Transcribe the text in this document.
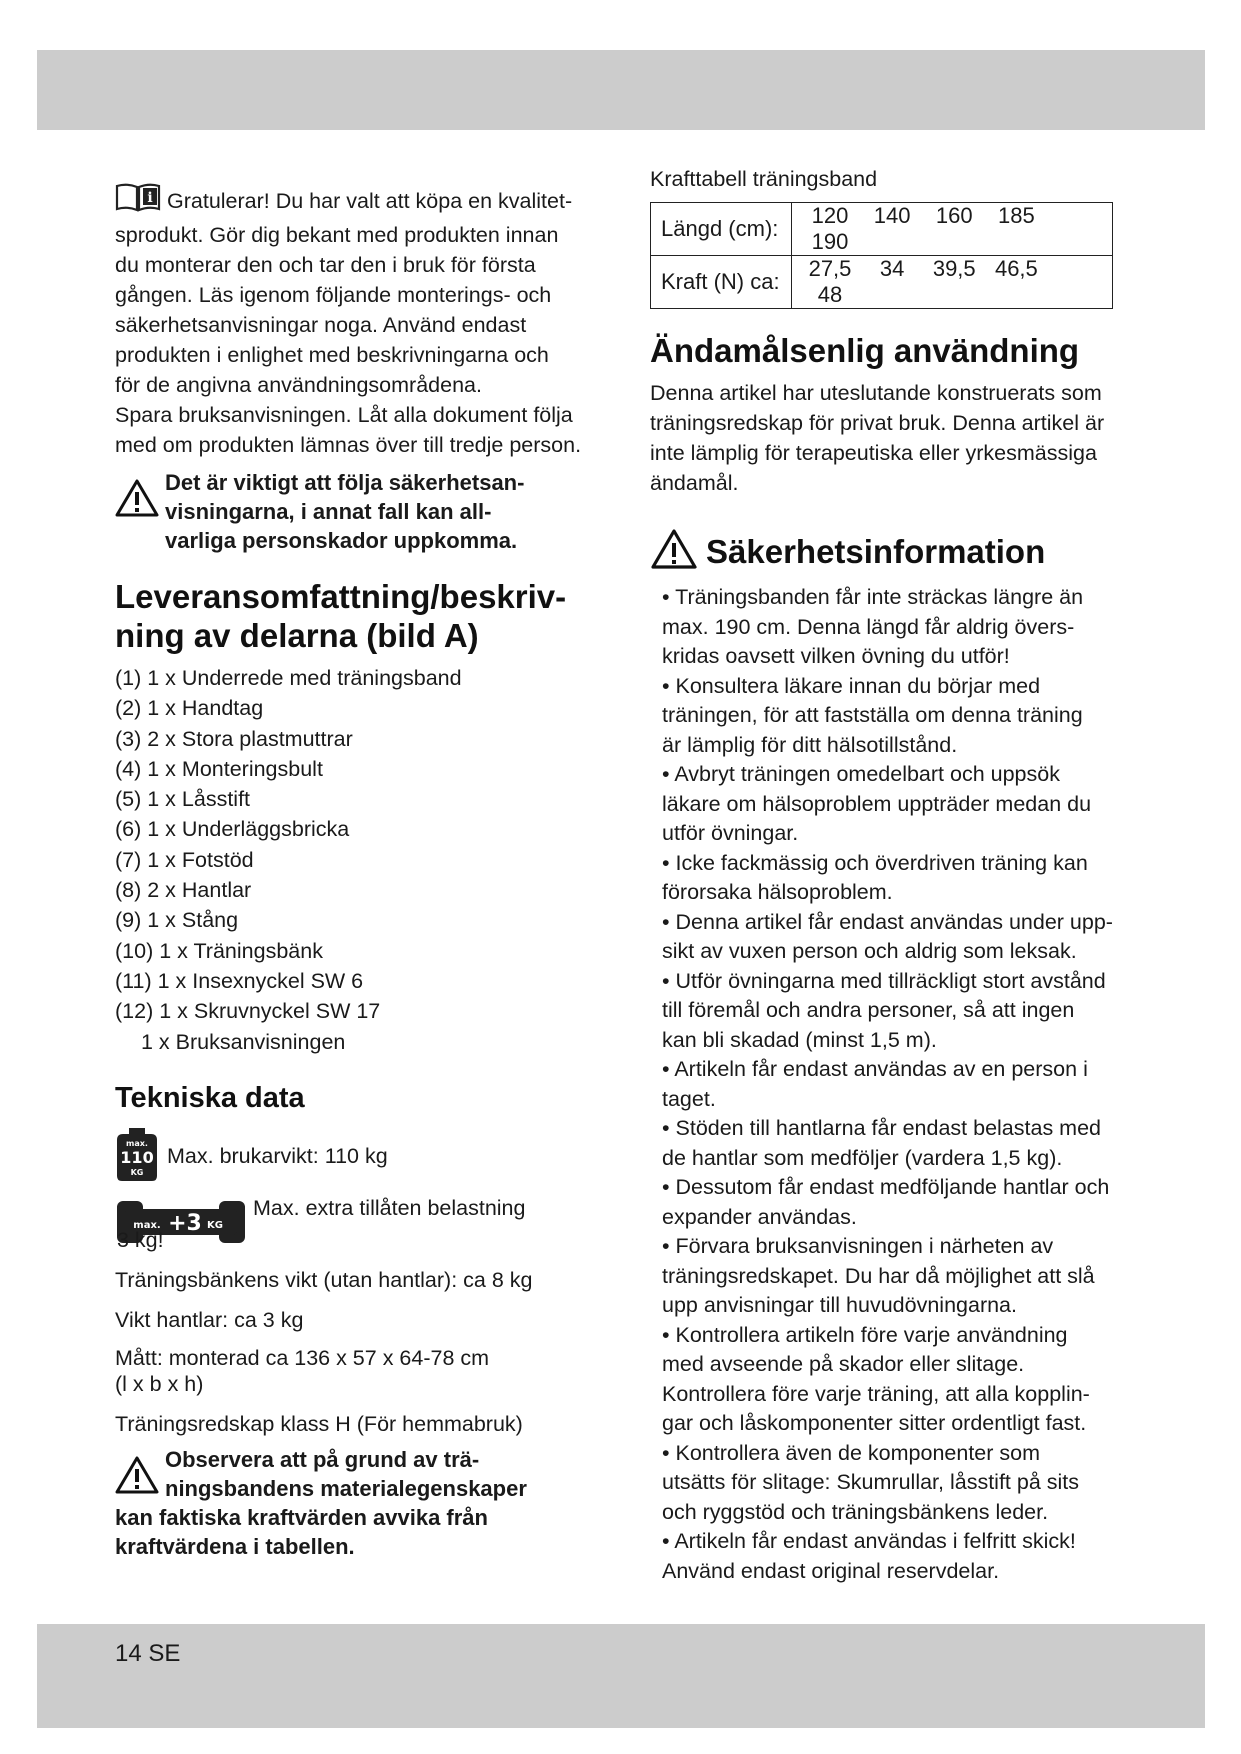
i Gratulerar! Du har valt att köpa en kvalitet-
sprodukt. Gör dig bekant med produkten innan
du monterar den och tar den i bruk för första
gången. Läs igenom följande monterings- och
säkerhetsanvisningar noga. Använd endast
produkten i enlighet med beskrivningarna och
för de angivna användningsområdena.
Spara bruksanvisningen. Låt alla dokument följa
med om produkten lämnas över till tredje person.
Det är viktigt att följa säkerhetsan-
visningarna, i annat fall kan all-
varliga personskador uppkomma.
Leveransomfattning/beskriv-
ning av delarna (bild A)
(1) 1 x Underrede med träningsband
(2) 1 x Handtag
(3) 2 x Stora plastmuttrar
(4) 1 x Monteringsbult
(5) 1 x Låsstift
(6) 1 x Underläggsbricka
(7) 1 x Fotstöd
(8) 2 x Hantlar
(9) 1 x Stång
(10) 1 x Träningsbänk
(11) 1 x Insexnyckel SW 6
(12) 1 x Skruvnyckel SW 17
1 x Bruksanvisningen
Tekniska data
max.
110
KG
Max. brukarvikt: 110 kg
max. +3 KG
Max. extra tillåten belastning
3 kg!

Träningsbänkens vikt (utan hantlar): ca 8 kg

Vikt hantlar: ca 3 kg

Mått: monterad ca 136 x 57 x 64-78 cm

(l x b x h)

Träningsredskap klass H (För hemmabruk)

Observera att på grund av trä-
ningsbandens materialegenskaper
kan faktiska kraftvärden avvika från
kraftvärdena i tabellen.
Krafttabell träningsband
Längd (cm):	120 140 160 185 190
Kraft (N) ca:	27,5 34 39,5 46,5 48
Ändamålsenlig användning
Denna artikel har uteslutande konstruerats som
träningsredskap för privat bruk. Denna artikel är
inte lämplig för terapeutiska eller yrkesmässiga
ändamål.
Säkerhetsinformation
• Träningsbanden får inte sträckas längre än
max. 190 cm. Denna längd får aldrig övers-
kridas oavsett vilken övning du utför!
• Konsultera läkare innan du börjar med
träningen, för att fastställa om denna träning
är lämplig för ditt hälsotillstånd.
• Avbryt träningen omedelbart och uppsök
läkare om hälsoproblem uppträder medan du
utför övningar.
• Icke fackmässig och överdriven träning kan
förorsaka hälsoproblem.
• Denna artikel får endast användas under upp-
sikt av vuxen person och aldrig som leksak.
• Utför övningarna med tillräckligt stort avstånd
till föremål och andra personer, så att ingen
kan bli skadad (minst 1,5 m).
• Artikeln får endast användas av en person i
taget.
• Stöden till hantlarna får endast belastas med
de hantlar som medföljer (vardera 1,5 kg).
• Dessutom får endast medföljande hantlar och
expander användas.
• Förvara bruksanvisningen i närheten av
träningsredskapet. Du har då möjlighet att slå
upp anvisningar till huvudövningarna.
• Kontrollera artikeln före varje användning
med avseende på skador eller slitage.
Kontrollera före varje träning, att alla kopplin-
gar och låskomponenter sitter ordentligt fast.
• Kontrollera även de komponenter som
utsätts för slitage: Skumrullar, låsstift på sits
och ryggstöd och träningsbänkens leder.
• Artikeln får endast användas i felfritt skick!
Använd endast original reservdelar.
14 SE
